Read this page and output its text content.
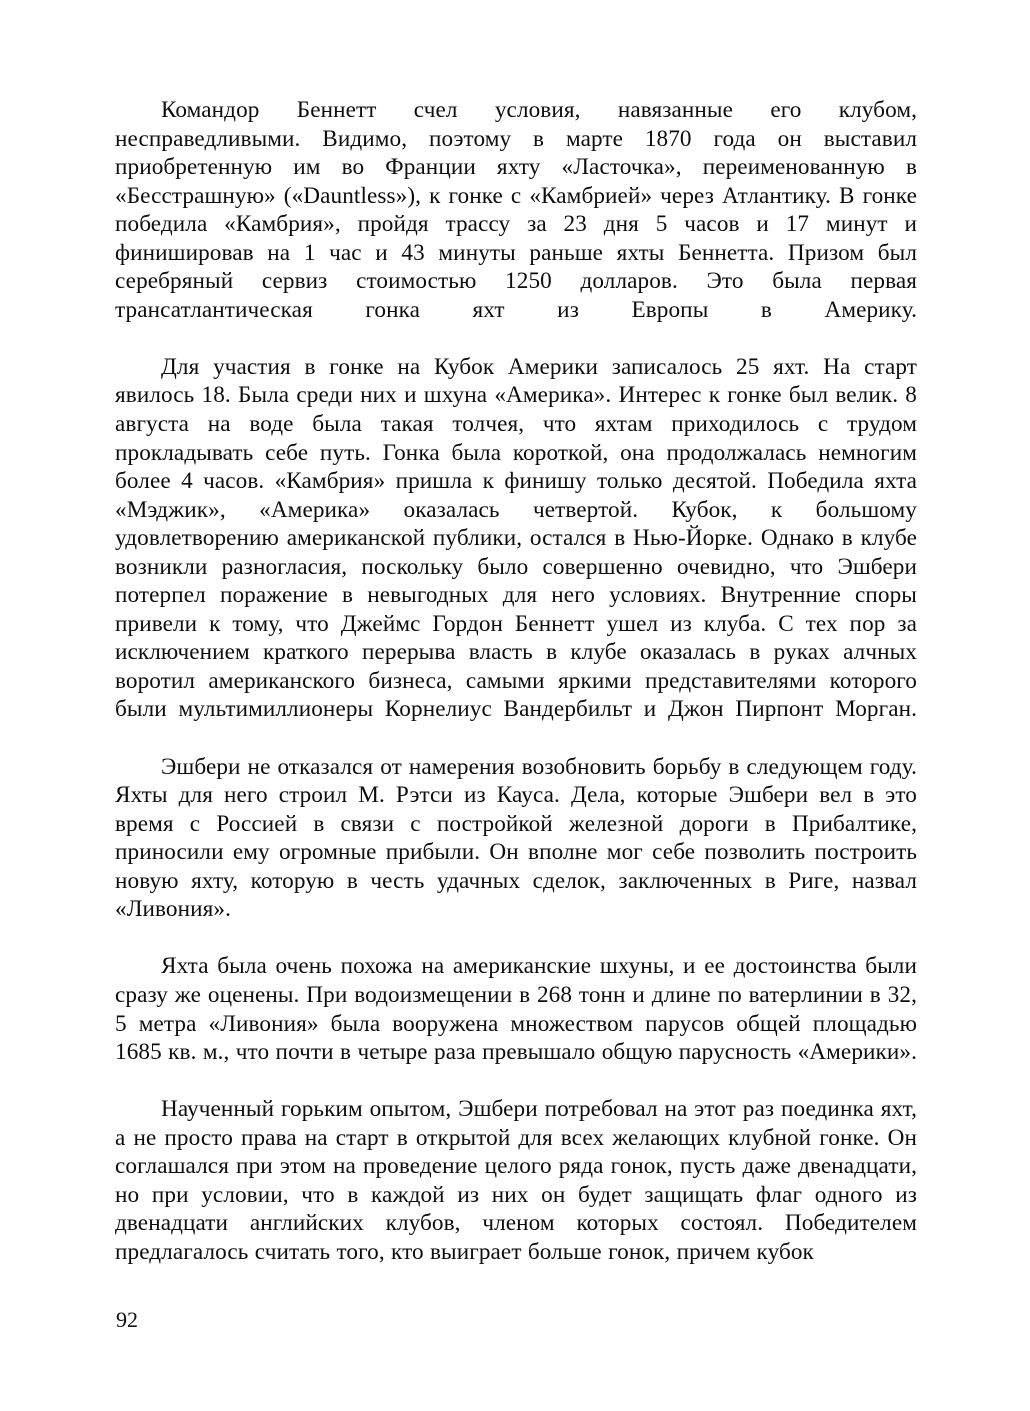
Командор Беннетт счел условия, навязанные его клубом, несправедливыми. Видимо, поэтому в марте 1870 года он выставил приобретенную им во Франции яхту «Ласточка», переименованную в «Бесстрашную» («Dauntless»), к гонке с «Камбрией» через Атлантику. В гонке победила «Камбрия», пройдя трассу за 23 дня 5 часов и 17 минут и финишировав на 1 час и 43 минуты раньше яхты Беннетта. Призом был серебряный сервиз стоимостью 1250 долларов. Это была первая трансатлантическая гонка яхт из Европы в Америку.

Для участия в гонке на Кубок Америки записалось 25 яхт. На старт явилось 18. Была среди них и шхуна «Америка». Интерес к гонке был велик. 8 августа на воде была такая толчея, что яхтам приходилось с трудом прокладывать себе путь. Гонка была короткой, она продолжалась немногим более 4 часов. «Камбрия» пришла к финишу только десятой. Победила яхта «Мэджик», «Америка» оказалась четвертой. Кубок, к большому удовлетворению американской публики, остался в Нью-Йорке. Однако в клубе возникли разногласия, поскольку было совершенно очевидно, что Эшбери потерпел поражение в невыгодных для него условиях. Внутренние споры привели к тому, что Джеймс Гордон Беннетт ушел из клуба. С тех пор за исключением краткого перерыва власть в клубе оказалась в руках алчных воротил американского бизнеса, самыми яркими представителями которого были мультимиллионеры Корнелиус Вандербильт и Джон Пирпонт Морган.

Эшбери не отказался от намерения возобновить борьбу в следующем году. Яхты для него строил М. Рэтси из Кауса. Дела, которые Эшбери вел в это время с Россией в связи с постройкой железной дороги в Прибалтике, приносили ему огромные прибыли. Он вполне мог себе позволить построить новую яхту, которую в честь удачных сделок, заключенных в Риге, назвал «Ливония».

Яхта была очень похожа на американские шхуны, и ее достоинства были сразу же оценены. При водоизмещении в 268 тонн и длине по ватерлинии в 32, 5 метра «Ливония» была вооружена множеством парусов общей площадью 1685 кв. м., что почти в четыре раза превышало общую парусность «Америки».

Наученный горьким опытом, Эшбери потребовал на этот раз поединка яхт, а не просто права на старт в открытой для всех желающих клубной гонке. Он соглашался при этом на проведение целого ряда гонок, пусть даже двенадцати, но при условии, что в каждой из них он будет защищать флаг одного из двенадцати английских клубов, членом которых состоял. Победителем предлагалось считать того, кто выиграет больше гонок, причем кубок

92
